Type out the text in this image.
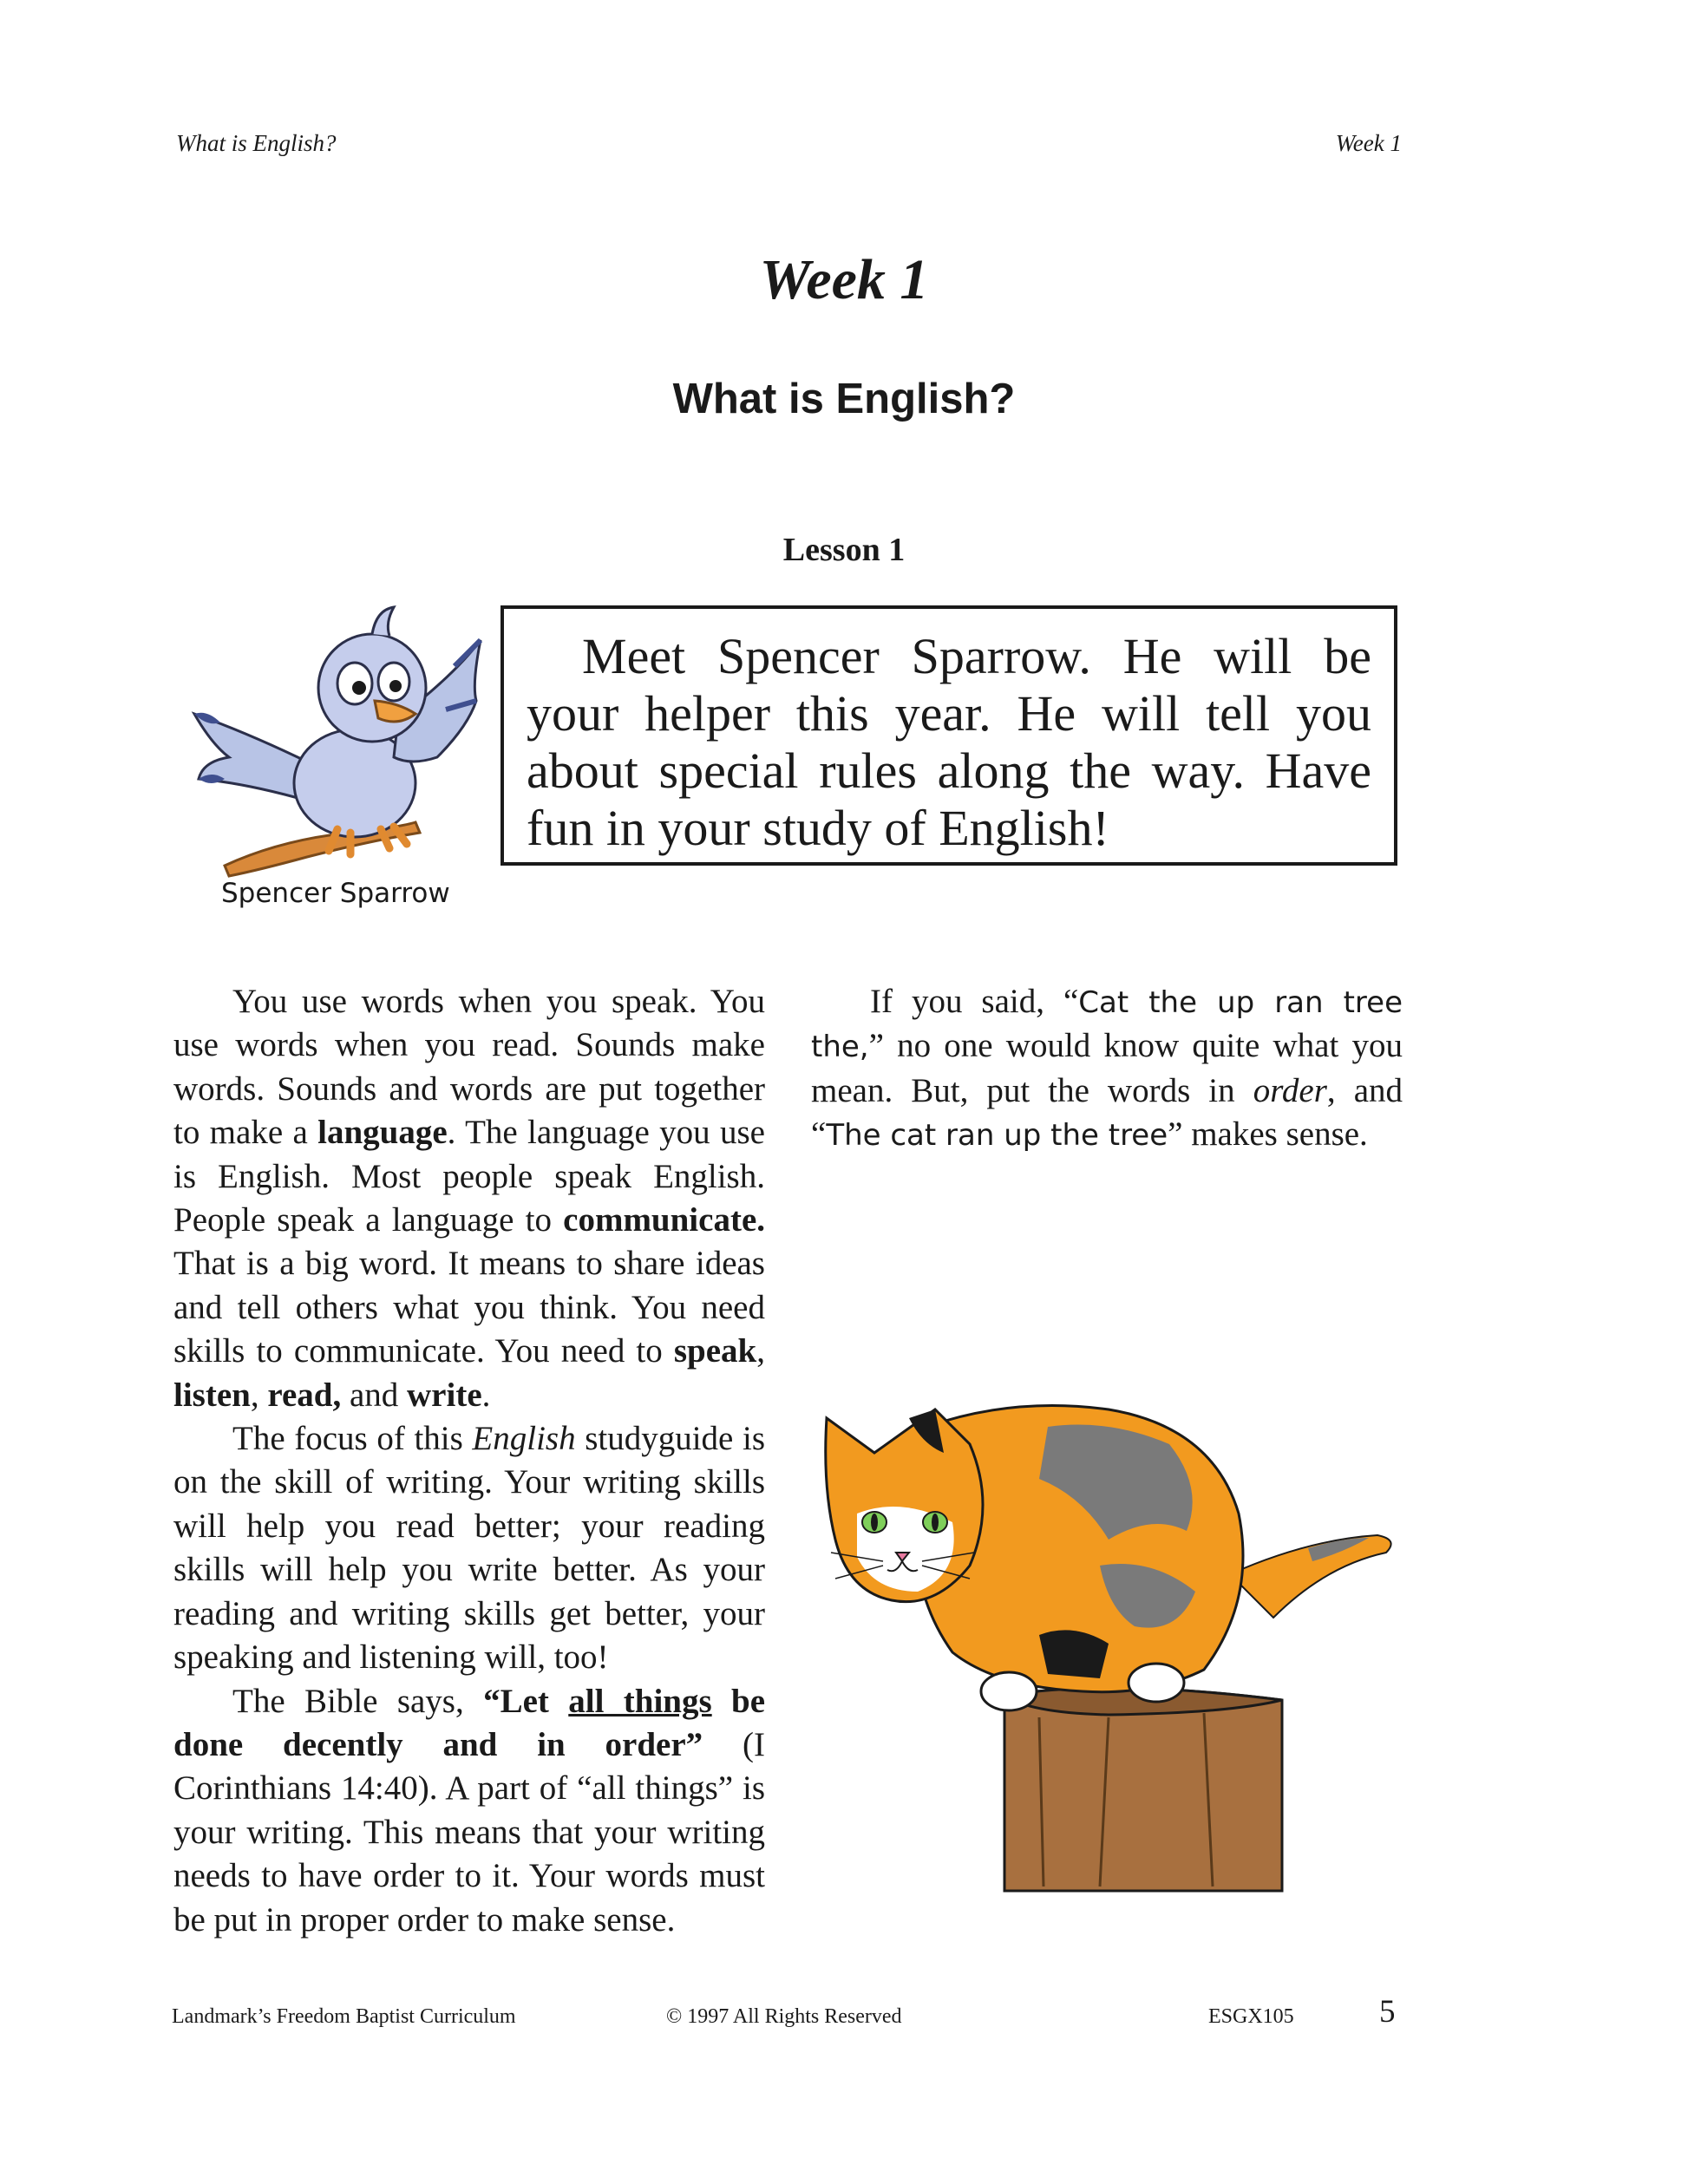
What is English?	Week 1
Week 1
What is English?
Lesson 1
Spencer Sparrow
Meet Spencer Sparrow. He will be your helper this year. He will tell you about special rules along the way. Have fun in your study of English!

You use words when you speak. You use words when you read. Sounds make words. Sounds and words are put together to make a language. The language you use is English. Most people speak English. People speak a language to communicate. That is a big word. It means to share ideas and tell others what you think. You need skills to communicate. You need to speak, listen, read, and write.

The focus of this English studyguide is on the skill of writing. Your writing skills will help you read better; your reading skills will help you write better. As your reading and writing skills get better, your speaking and listening will, too!

The Bible says, “Let all things be done decently and in order” (I Corinthians 14:40). A part of “all things” is your writing. This means that your writing needs to have order to it. Your words must be put in proper order to make sense.

If you said, “Cat the up ran tree the,” no one would know quite what you mean. But, put the words in order, and “The cat ran up the tree” makes sense.

Landmark’s Freedom Baptist Curriculum	© 1997 All Rights Reserved	ESGX105	5
